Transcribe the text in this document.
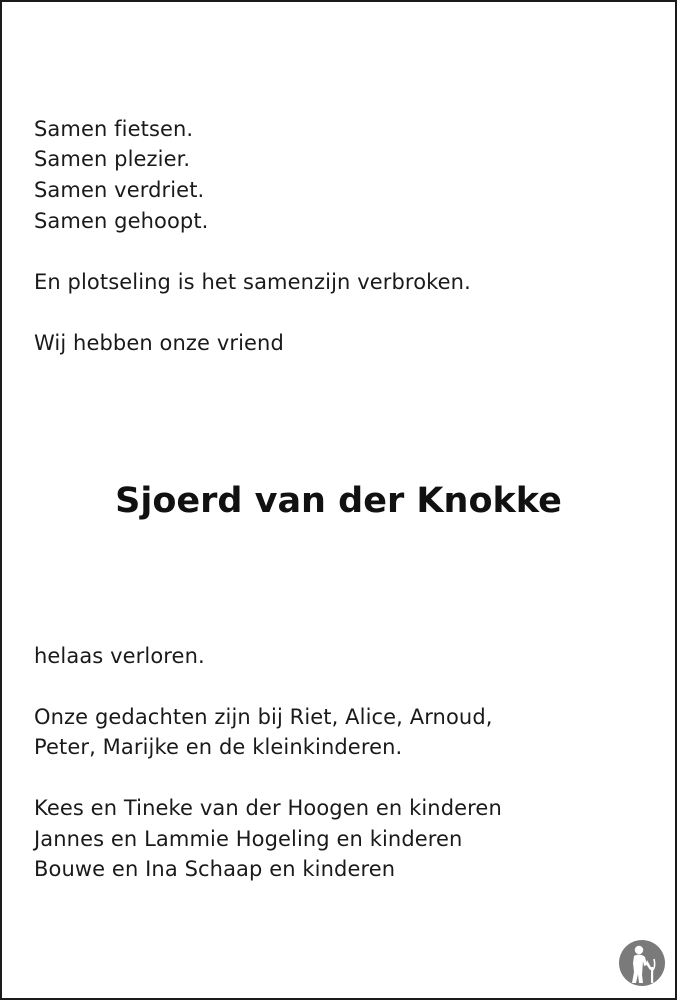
Samen fietsen.
Samen plezier.
Samen verdriet.
Samen gehoopt.
En plotseling is het samenzijn verbroken.
Wij hebben onze vriend
Sjoerd van der Knokke
helaas verloren.
Onze gedachten zijn bij Riet, Alice, Arnoud,
Peter, Marijke en de kleinkinderen.
Kees en Tineke van der Hoogen en kinderen
Jannes en Lammie Hogeling en kinderen
Bouwe en Ina Schaap en kinderen
